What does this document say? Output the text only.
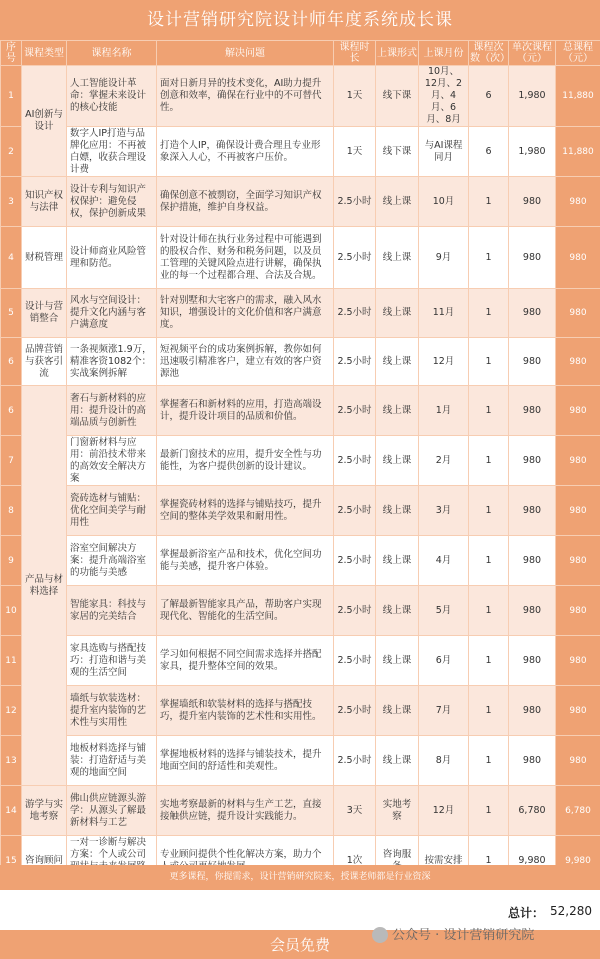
设计营销研究院设计师年度系统成长课
序号	课程类型	课程名称	解决问题	课程时长	上课形式	上课月份	课程次数（次）	单次课程（元）	总课程（元）
1	AI创新与设计	人工智能设计革命：掌握未来设计的核心技能	面对日新月异的技术变化，AI助力提升创意和效率，确保在行业中的不可替代性。	1天	线下课	10月、12月、2月、4月、6月、8月	6	1,980	11,880
2		数字人IP打造与品牌化应用：不再被白嫖，收获合理设计费	打造个人IP，确保设计费合理且专业形象深入人心，不再被客户压价。	1天	线下课	与AI课程同月	6	1,980	11,880
3	知识产权与法律	设计专利与知识产权保护：避免侵权，保护创新成果	确保创意不被剽窃，全面学习知识产权保护措施，维护自身权益。	2.5小时	线上课	10月	1	980	980
4	财税管理	设计师商业风险管理和防范。	针对设计师在执行业务过程中可能遇到的股权合作、财务和税务问题，以及员工管理的关键风险点进行讲解，确保执业的每一个过程都合理、合法及合规。	2.5小时	线上课	9月	1	980	980
5	设计与营销整合	风水与空间设计：提升文化内涵与客户满意度	针对别墅和大宅客户的需求，融入风水知识，增强设计的文化价值和客户满意度。	2.5小时	线上课	11月	1	980	980
6	品牌营销与获客引流	一条视频涨1.9万，精准客资1082个：实战案例拆解	短视频平台的成功案例拆解，教你如何迅速吸引精准客户，建立有效的客户资源池	2.5小时	线上课	12月	1	980	980
6	产品与材料选择	奢石与新材料的应用：提升设计的高端品质与创新性	掌握奢石和新材料的应用，打造高端设计，提升设计项目的品质和价值。	2.5小时	线上课	1月	1	980	980
7		门窗新材料与应用：前沿技术带来的高效安全解决方案	最新门窗技术的应用，提升安全性与功能性，为客户提供创新的设计建议。	2.5小时	线上课	2月	1	980	980
8		瓷砖选材与铺贴：优化空间美学与耐用性	掌握瓷砖材料的选择与铺贴技巧，提升空间的整体美学效果和耐用性。	2.5小时	线上课	3月	1	980	980
9		浴室空间解决方案：提升高端浴室的功能与美感	掌握最新浴室产品和技术，优化空间功能与美感，提升客户体验。	2.5小时	线上课	4月	1	980	980
10		智能家具：科技与家居的完美结合	了解最新智能家具产品，帮助客户实现现代化、智能化的生活空间。	2.5小时	线上课	5月	1	980	980
11		家具选购与搭配技巧：打造和谐与美观的生活空间	学习如何根据不同空间需求选择并搭配家具，提升整体空间的效果。	2.5小时	线上课	6月	1	980	980
12		墙纸与软装选材：提升室内装饰的艺术性与实用性	掌握墙纸和软装材料的选择与搭配技巧，提升室内装饰的艺术性和实用性。	2.5小时	线上课	7月	1	980	980
13		地板材料选择与铺装：打造舒适与美观的地面空间	掌握地板材料的选择与铺装技术，提升地面空间的舒适性和美观性。	2.5小时	线上课	8月	1	980	980
14	游学与实地考察	佛山供应链源头游学：从源头了解最新材料与工艺	实地考察最新的材料与生产工艺，直接接触供应链，提升设计实践能力。	3天	实地考察	12月	1	6,780	6,780
15	咨询顾问	一对一诊断与解决方案：个人或公司	专业顾问提供个性化解决方案，助力个	1次	咨询服	按需安排	1	9,980	9,980
更多课程，你提需求，设计营销研究院来，授课老师都是行业资深
总计： 52,280
会员免费
公众号 · 设计营销研究院
